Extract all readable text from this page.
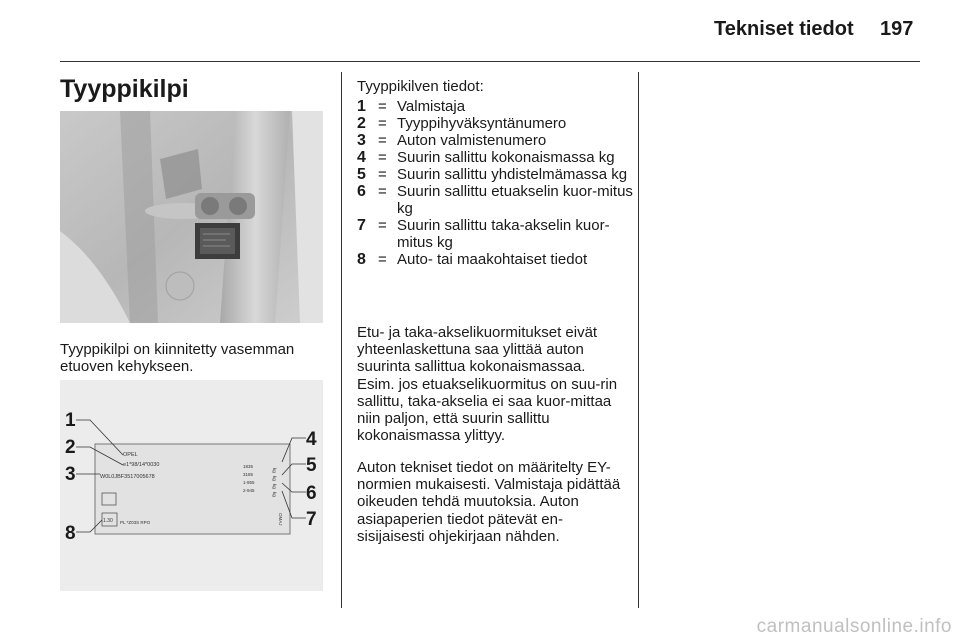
Tekniset tiedot 197
Tyyppikilpi
Tyyppikilpi on kiinnitetty vasemman etuoven kehykseen.
OPEL
e1*98/14*0030
W0L0JBF3517005678
1835
3185
1-955
2-945
kg
kg
kg
kg
1.30 PL *Z03S RPO	OMAJ
1
2
3
8
4
5
6
7
Tyyppikilven tiedot:
1 = Valmistaja
2 = Tyyppihyväksyntänumero
3 = Auton valmistenumero
4 = Suurin sallittu kokonaismassa kg
5 = Suurin sallittu yhdistelmämassa kg
6 = Suurin sallittu etuakselin kuor-mitus kg
7 = Suurin sallittu taka-akselin kuor-mitus kg
8 = Auto- tai maakohtaiset tiedot
Etu- ja taka-akselikuormitukset eivät yhteenlaskettuna saa ylittää auton suurinta sallittua kokonaismassaa. Esim. jos etuakselikuormitus on suu-rin sallittu, taka-akselia ei saa kuor-mittaa niin paljon, että suurin sallittu kokonaismassa ylittyy.
Auton tekniset tiedot on määritelty EY-normien mukaisesti. Valmistaja pidättää oikeuden tehdä muutoksia. Auton asiapaperien tiedot pätevät en-sisijaisesti ohjekirjaan nähden.
carmanualsonline.info
